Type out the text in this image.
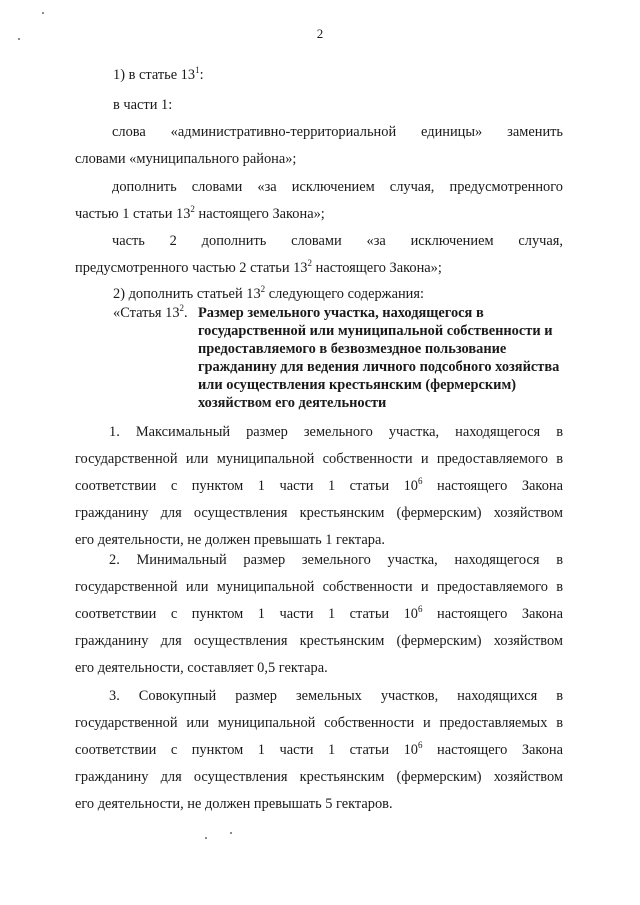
2

1) в статье $13^1$:

в части 1:

слова «административно-территориальной единицы» заменить

словами «муниципального района»;

дополнить словами «за исключением случая, предусмотренного

частью 1 статьи $13^2$ настоящего Закона»;

часть 2 дополнить словами «за исключением случая,

предусмотренного частью 2 статьи $13^2$ настоящего Закона»;

2) дополнить статьей $13^2$ следующего содержания:

«Статья $13^2$. Размер земельного участка, находящегося в государственной или муниципальной собственности и предоставляемого в безвозмездное пользование гражданину для ведения личного подсобного хозяйства или осуществления крестьянским (фермерским) хозяйством его деятельности

1. Максимальный размер земельного участка, находящегося в

государственной или муниципальной собственности и предоставляемого в

соответствии с пунктом 1 части 1 статьи $10^6$ настоящего Закона

гражданину для осуществления крестьянским (фермерским) хозяйством

его деятельности, не должен превышать 1 гектара.

2. Минимальный размер земельного участка, находящегося в

государственной или муниципальной собственности и предоставляемого в

соответствии с пунктом 1 части 1 статьи $10^6$ настоящего Закона

гражданину для осуществления крестьянским (фермерским) хозяйством

его деятельности, составляет 0,5 гектара.

3. Совокупный размер земельных участков, находящихся в

государственной или муниципальной собственности и предоставляемых в

соответствии с пунктом 1 части 1 статьи $10^6$ настоящего Закона

гражданину для осуществления крестьянским (фермерским) хозяйством

его деятельности, не должен превышать 5 гектаров.
